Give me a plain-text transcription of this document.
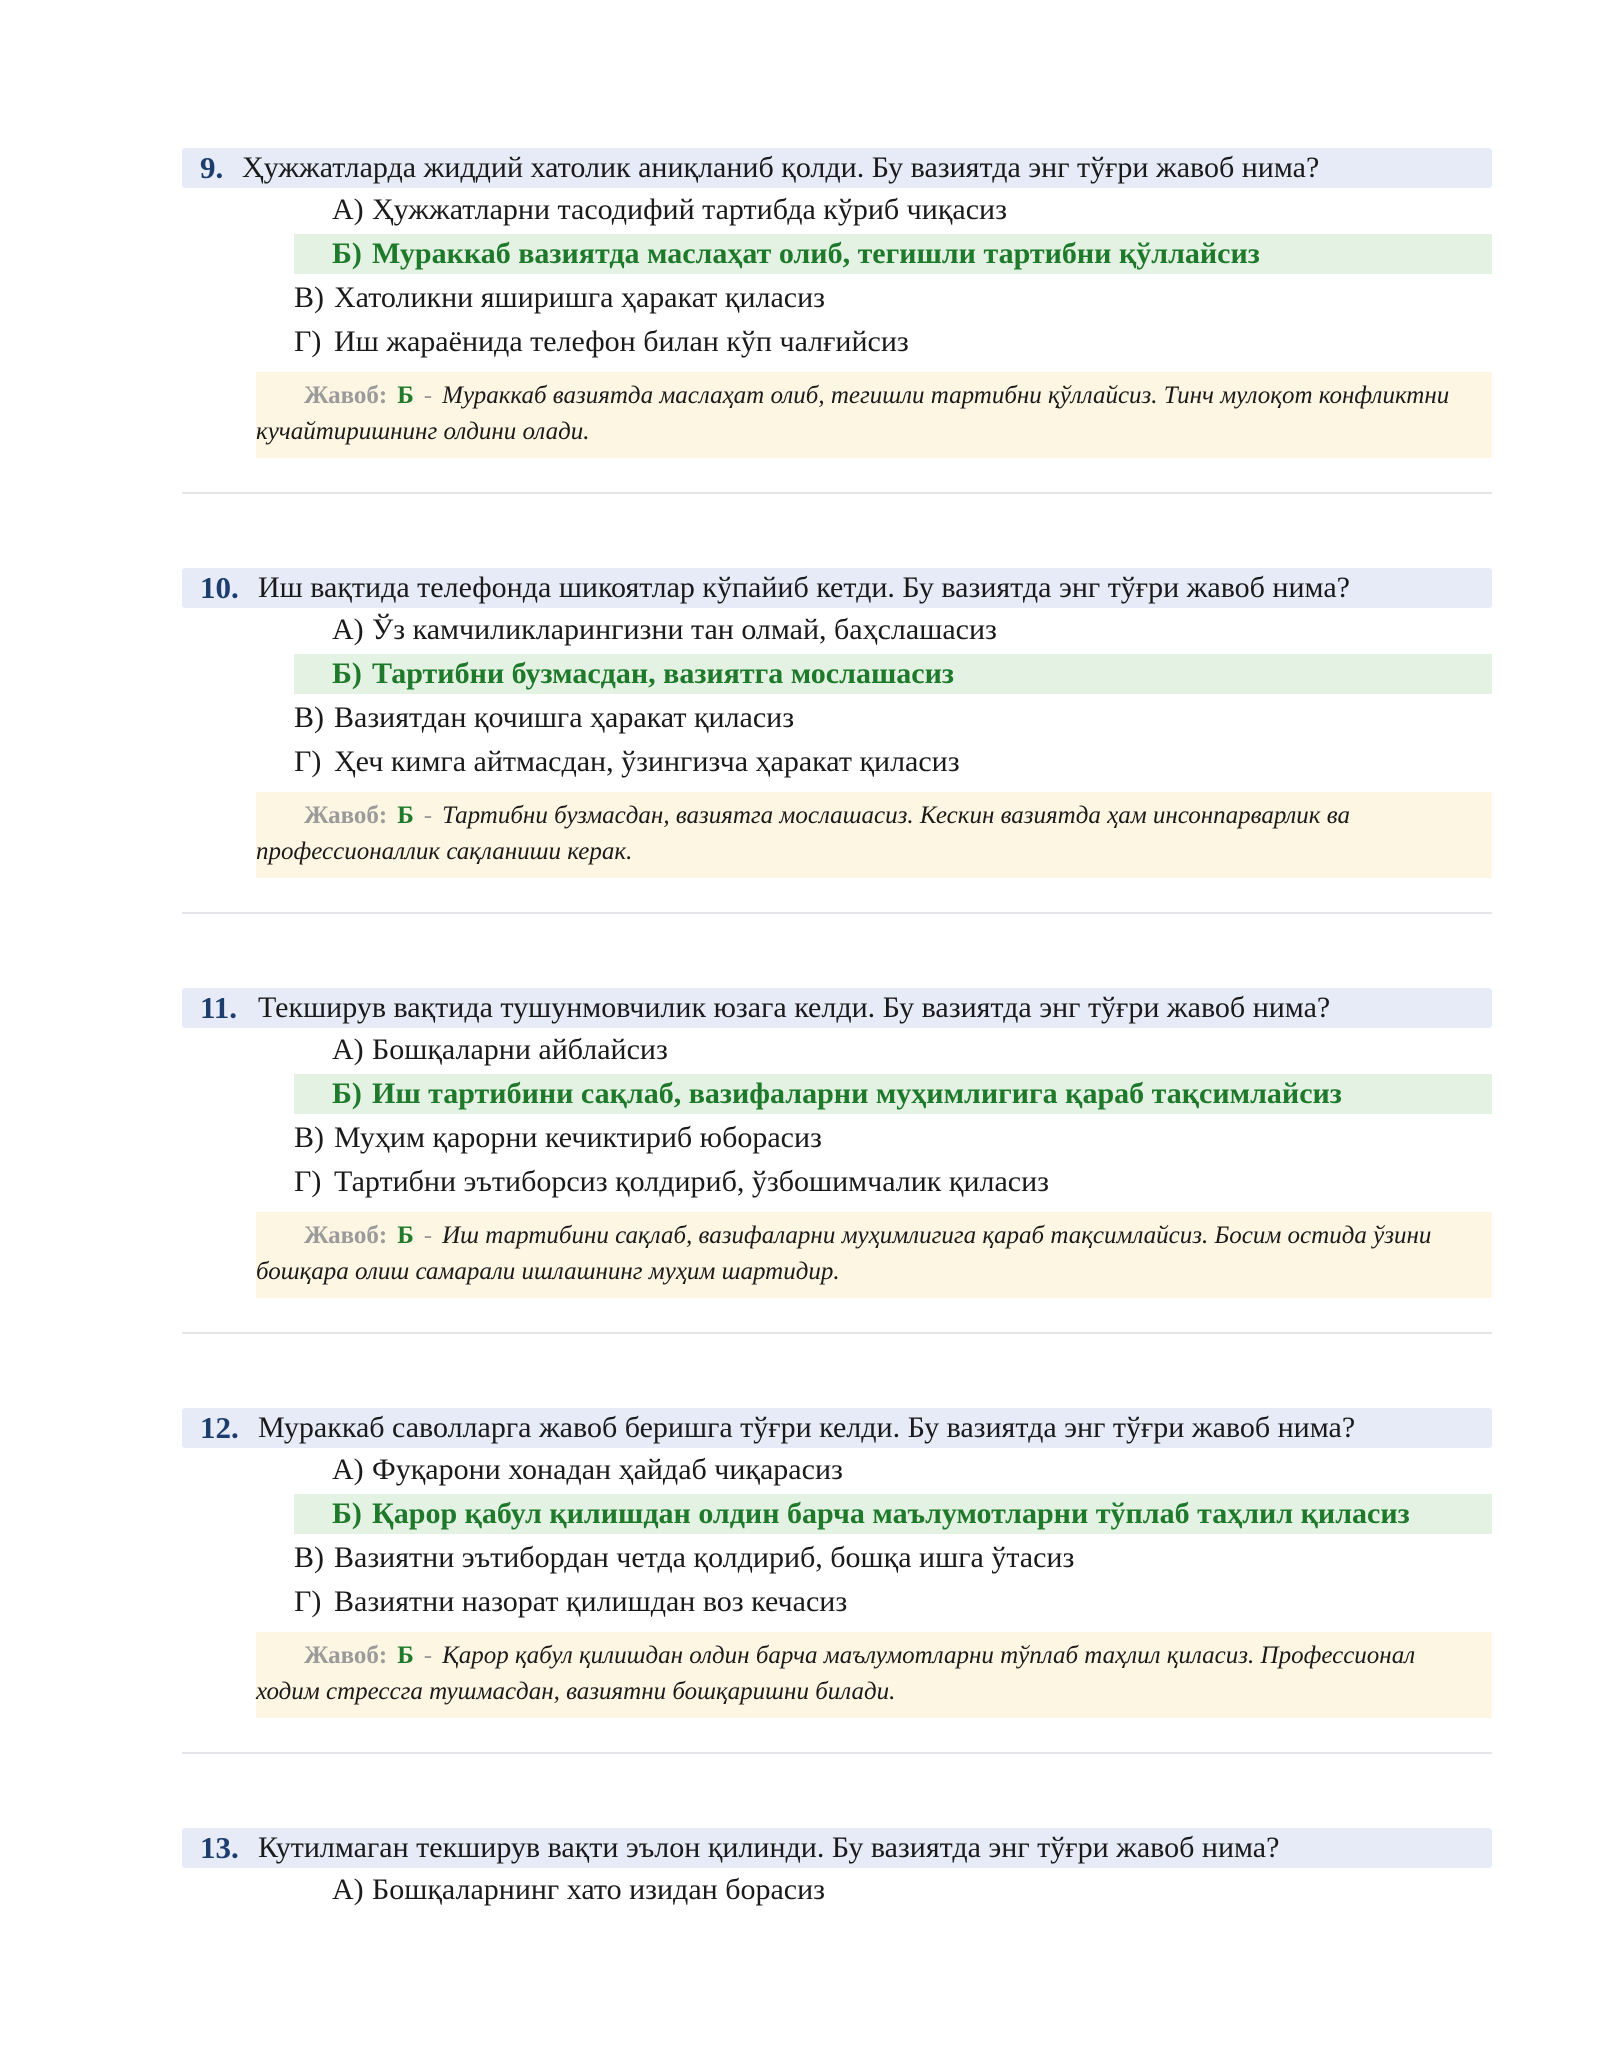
9. Ҳужжатларда жиддий хатолик аниқланиб қолди. Бу вазиятда энг тўғри жавоб нима?
А) Ҳужжатларни тасодифий тартибда кўриб чиқасиз
Б) Мураккаб вазиятда маслаҳат олиб, тегишли тартибни қўллайсиз
В) Хатоликни яширишга ҳаракат қиласиз
Г) Иш жараёнида телефон билан кўп чалғийсиз

Жавоб: Б - Мураккаб вазиятда маслаҳат олиб, тегишли тартибни қўллайсиз. Тинч мулоқот конфликтни кучайтиришнинг олдини олади.

10. Иш вақтида телефонда шикоятлар кўпайиб кетди. Бу вазиятда энг тўғри жавоб нима?
А) Ўз камчиликларингизни тан олмай, баҳслашасиз
Б) Тартибни бузмасдан, вазиятга мослашасиз
В) Вазиятдан қочишга ҳаракат қиласиз
Г) Ҳеч кимга айтмасдан, ўзингизча ҳаракат қиласиз

Жавоб: Б - Тартибни бузмасдан, вазиятга мослашасиз. Кескин вазиятда ҳам инсонпарварлик ва профессионаллик сақланиши керак.

11. Текширув вақтида тушунмовчилик юзага келди. Бу вазиятда энг тўғри жавоб нима?
А) Бошқаларни айблайсиз
Б) Иш тартибини сақлаб, вазифаларни муҳимлигига қараб тақсимлайсиз
В) Муҳим қарорни кечиктириб юборасиз
Г) Тартибни эътиборсиз қолдириб, ўзбошимчалик қиласиз

Жавоб: Б - Иш тартибини сақлаб, вазифаларни муҳимлигига қараб тақсимлайсиз. Босим остида ўзини бошқара олиш самарали ишлашнинг муҳим шартидир.

12. Мураккаб саволларга жавоб беришга тўғри келди. Бу вазиятда энг тўғри жавоб нима?
А) Фуқарони хонадан ҳайдаб чиқарасиз
Б) Қарор қабул қилишдан олдин барча маълумотларни тўплаб таҳлил қиласиз
В) Вазиятни эътибордан четда қолдириб, бошқа ишга ўтасиз
Г) Вазиятни назорат қилишдан воз кечасиз

Жавоб: Б - Қарор қабул қилишдан олдин барча маълумотларни тўплаб таҳлил қиласиз. Профессионал ходим стрессга тушмасдан, вазиятни бошқаришни билади.

13. Кутилмаган текширув вақти эълон қилинди. Бу вазиятда энг тўғри жавоб нима?
А) Бошқаларнинг хато изидан борасиз
